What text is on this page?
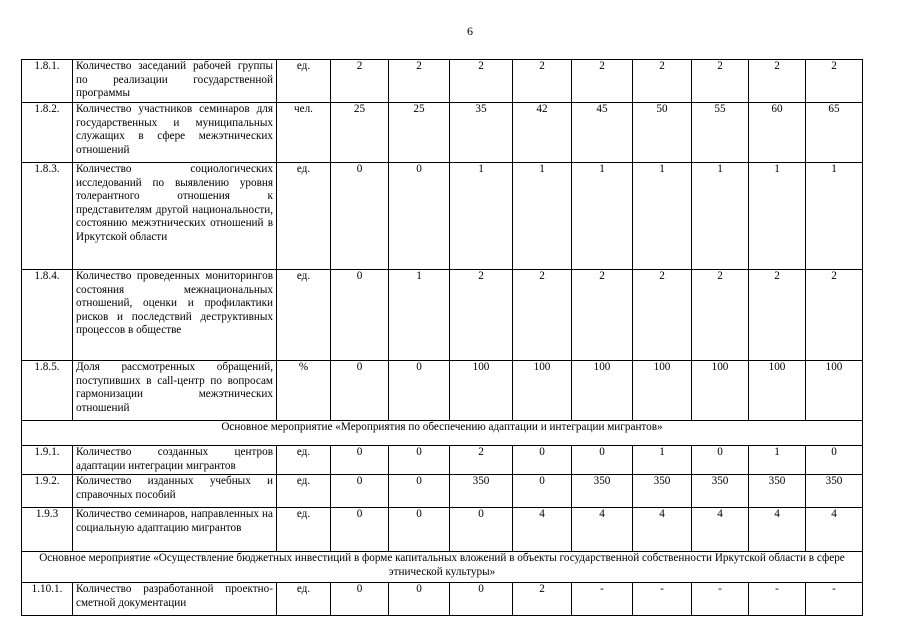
6
1.8.1.	Количество заседаний рабочей группы по реализации государственной программы	ед.	2	2	2	2	2	2	2	2	2
1.8.2.	Количество участников семинаров для государственных и муниципальных служащих в сфере межэтнических отношений	чел.	25	25	35	42	45	50	55	60	65
1.8.3.	Количество социологических исследований по выявлению уровня толерантного отношения к представителям другой национальности, состоянию межэтнических отношений в Иркутской области	ед.	0	0	1	1	1	1	1	1	1
1.8.4.	Количество проведенных мониторингов состояния межнациональных отношений, оценки и профилактики рисков и последствий деструктивных процессов в обществе	ед.	0	1	2	2	2	2	2	2	2
1.8.5.	Доля рассмотренных обращений, поступивших в call-центр по вопросам гармонизации межэтнических отношений	%	0	0	100	100	100	100	100	100	100
Основное мероприятие «Мероприятия по обеспечению адаптации и интеграции мигрантов»											
1.9.1.	Количество созданных центров адаптации интеграции мигрантов	ед.	0	0	2	0	0	1	0	1	0
1.9.2.	Количество изданных учебных и справочных пособий	ед.	0	0	350	0	350	350	350	350	350
1.9.3	Количество семинаров, направленных на социальную адаптацию мигрантов	ед.	0	0	0	4	4	4	4	4	4
Основное мероприятие «Осуществление бюджетных инвестиций в форме капитальных вложений в объекты государственной собственности Иркутской области в сфере этнической культуры»											
1.10.1.	Количество разработанной проектно-сметной документации	ед.	0	0	0	2	-	-	-	-	-
